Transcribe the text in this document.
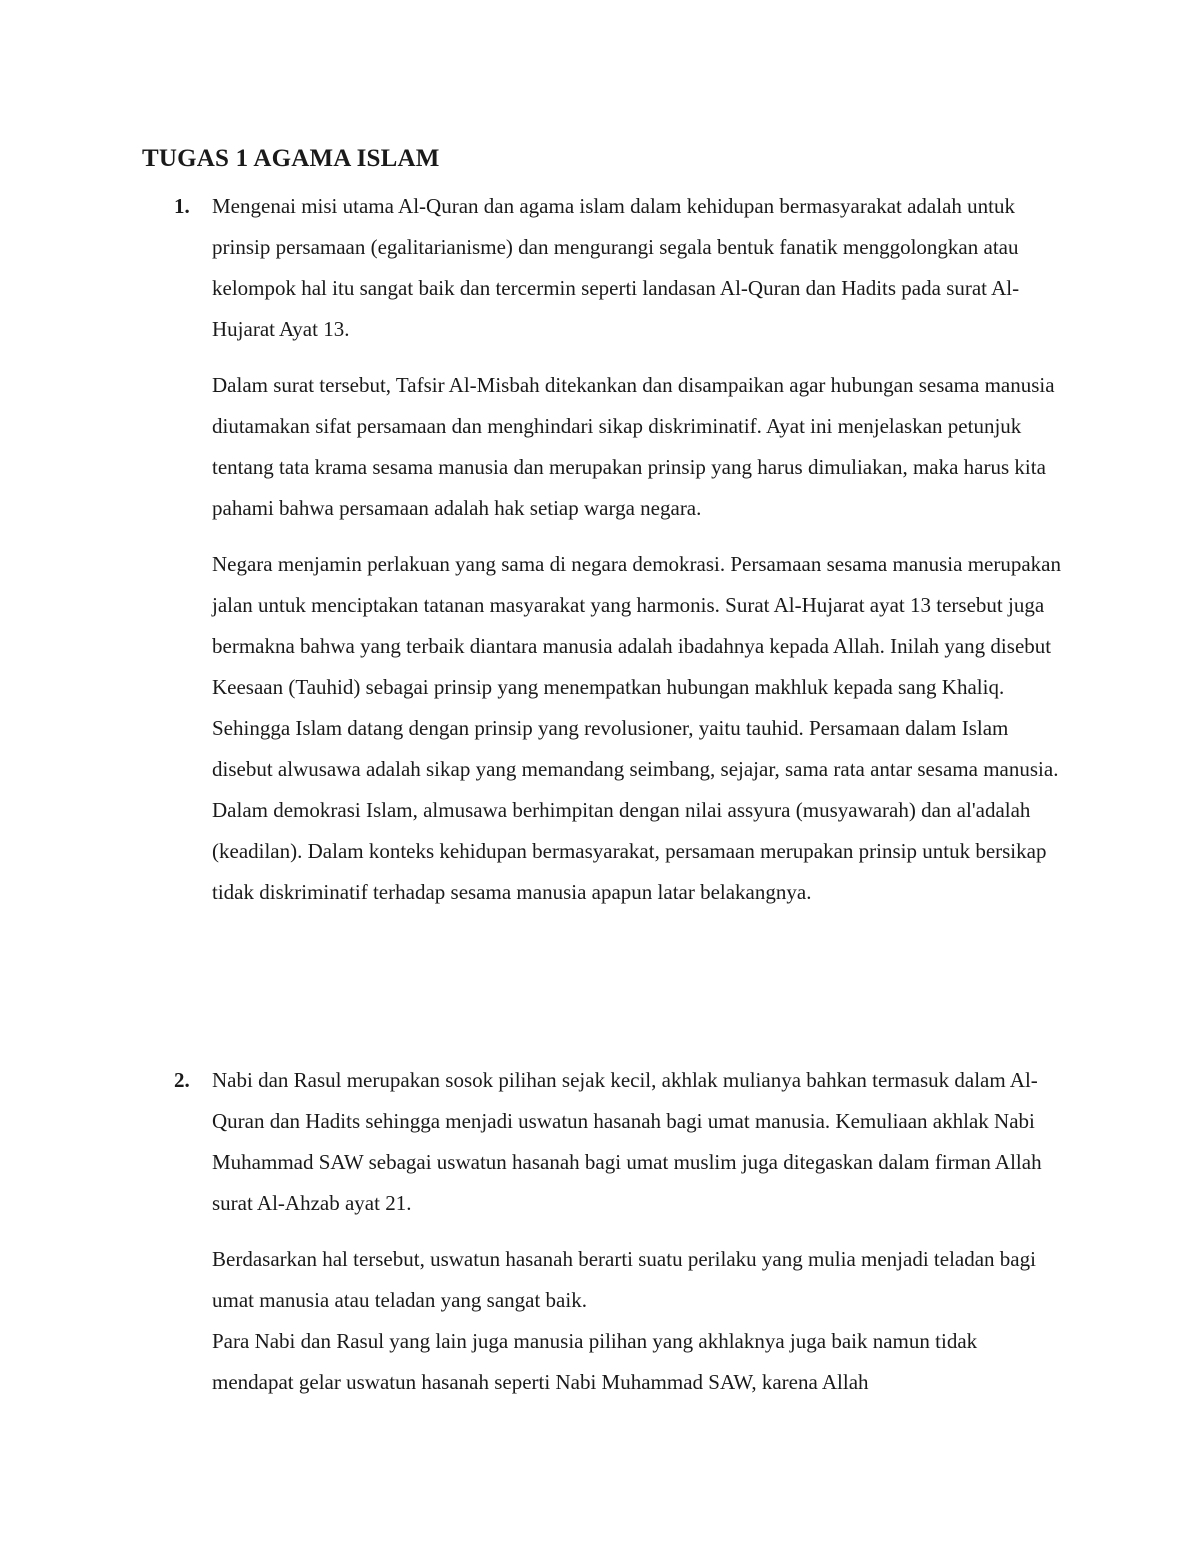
TUGAS 1 AGAMA ISLAM
1. Mengenai misi utama Al-Quran dan agama islam dalam kehidupan bermasyarakat adalah untuk prinsip persamaan (egalitarianisme) dan mengurangi segala bentuk fanatik menggolongkan atau kelompok hal itu sangat baik dan tercermin seperti landasan Al-Quran dan Hadits pada surat Al-Hujarat Ayat 13.

Dalam surat tersebut, Tafsir Al-Misbah ditekankan dan disampaikan agar hubungan sesama manusia diutamakan sifat persamaan dan menghindari sikap diskriminatif. Ayat ini menjelaskan petunjuk tentang tata krama sesama manusia dan merupakan prinsip yang harus dimuliakan, maka harus kita pahami bahwa persamaan adalah hak setiap warga negara.

Negara menjamin perlakuan yang sama di negara demokrasi. Persamaan sesama manusia merupakan jalan untuk menciptakan tatanan masyarakat yang harmonis. Surat Al-Hujarat ayat 13 tersebut juga bermakna bahwa yang terbaik diantara manusia adalah ibadahnya kepada Allah. Inilah yang disebut Keesaan (Tauhid) sebagai prinsip yang menempatkan hubungan makhluk kepada sang Khaliq. Sehingga Islam datang dengan prinsip yang revolusioner, yaitu tauhid. Persamaan dalam Islam disebut alwusawa adalah sikap yang memandang seimbang, sejajar, sama rata antar sesama manusia. Dalam demokrasi Islam, almusawa berhimpitan dengan nilai assyura (musyawarah) dan al'adalah (keadilan). Dalam konteks kehidupan bermasyarakat, persamaan merupakan prinsip untuk bersikap tidak diskriminatif terhadap sesama manusia apapun latar belakangnya.

2. Nabi dan Rasul merupakan sosok pilihan sejak kecil, akhlak mulianya bahkan termasuk dalam Al-Quran dan Hadits sehingga menjadi uswatun hasanah bagi umat manusia. Kemuliaan akhlak Nabi Muhammad SAW sebagai uswatun hasanah bagi umat muslim juga ditegaskan dalam firman Allah surat Al-Ahzab ayat 21.

Berdasarkan hal tersebut, uswatun hasanah berarti suatu perilaku yang mulia menjadi teladan bagi umat manusia atau teladan yang sangat baik.

Para Nabi dan Rasul yang lain juga manusia pilihan yang akhlaknya juga baik namun tidak mendapat gelar uswatun hasanah seperti Nabi Muhammad SAW, karena Allah
